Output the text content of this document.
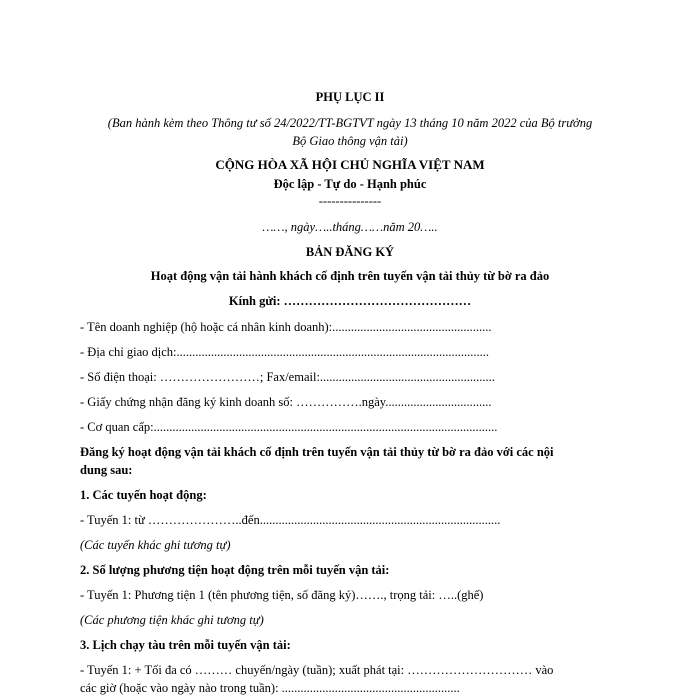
PHỤ LỤC II
(Ban hành kèm theo Thông tư số 24/2022/TT-BGTVT ngày 13 tháng 10 năm 2022 của Bộ trưởng
Bộ Giao thông vận tải)
CỘNG HÒA XÃ HỘI CHỦ NGHĨA VIỆT NAM
Độc lập - Tự do - Hạnh phúc
---------------
……, ngày…..tháng……năm 20…..
BẢN ĐĂNG KÝ
Hoạt động vận tải hành khách cố định trên tuyến vận tải thủy từ bờ ra đảo
Kính gửi: ………………………………………
- Tên doanh nghiệp (hộ hoặc cá nhân kinh doanh):...................................................
- Địa chỉ giao dịch:....................................................................................................
- Số điện thoại: ……………………; Fax/email:........................................................
- Giấy chứng nhận đăng ký kinh doanh số: …………….ngày..................................
- Cơ quan cấp:..............................................................................................................
Đăng ký hoạt động vận tải khách cố định trên tuyến vận tải thủy từ bờ ra đảo với các nội
dung sau:
1. Các tuyến hoạt động:
- Tuyến 1: từ …………………..đến.............................................................................
(Các tuyến khác ghi tương tự)
2. Số lượng phương tiện hoạt động trên mỗi tuyến vận tải:
- Tuyến 1: Phương tiện 1 (tên phương tiện, số đăng ký)……., trọng tải: …..(ghế)
(Các phương tiện khác ghi tương tự)
3. Lịch chạy tàu trên mỗi tuyến vận tải:
- Tuyến 1: + Tối đa có ……… chuyến/ngày (tuần); xuất phát tại: ………………………… vào
các giờ (hoặc vào ngày nào trong tuần): .........................................................
